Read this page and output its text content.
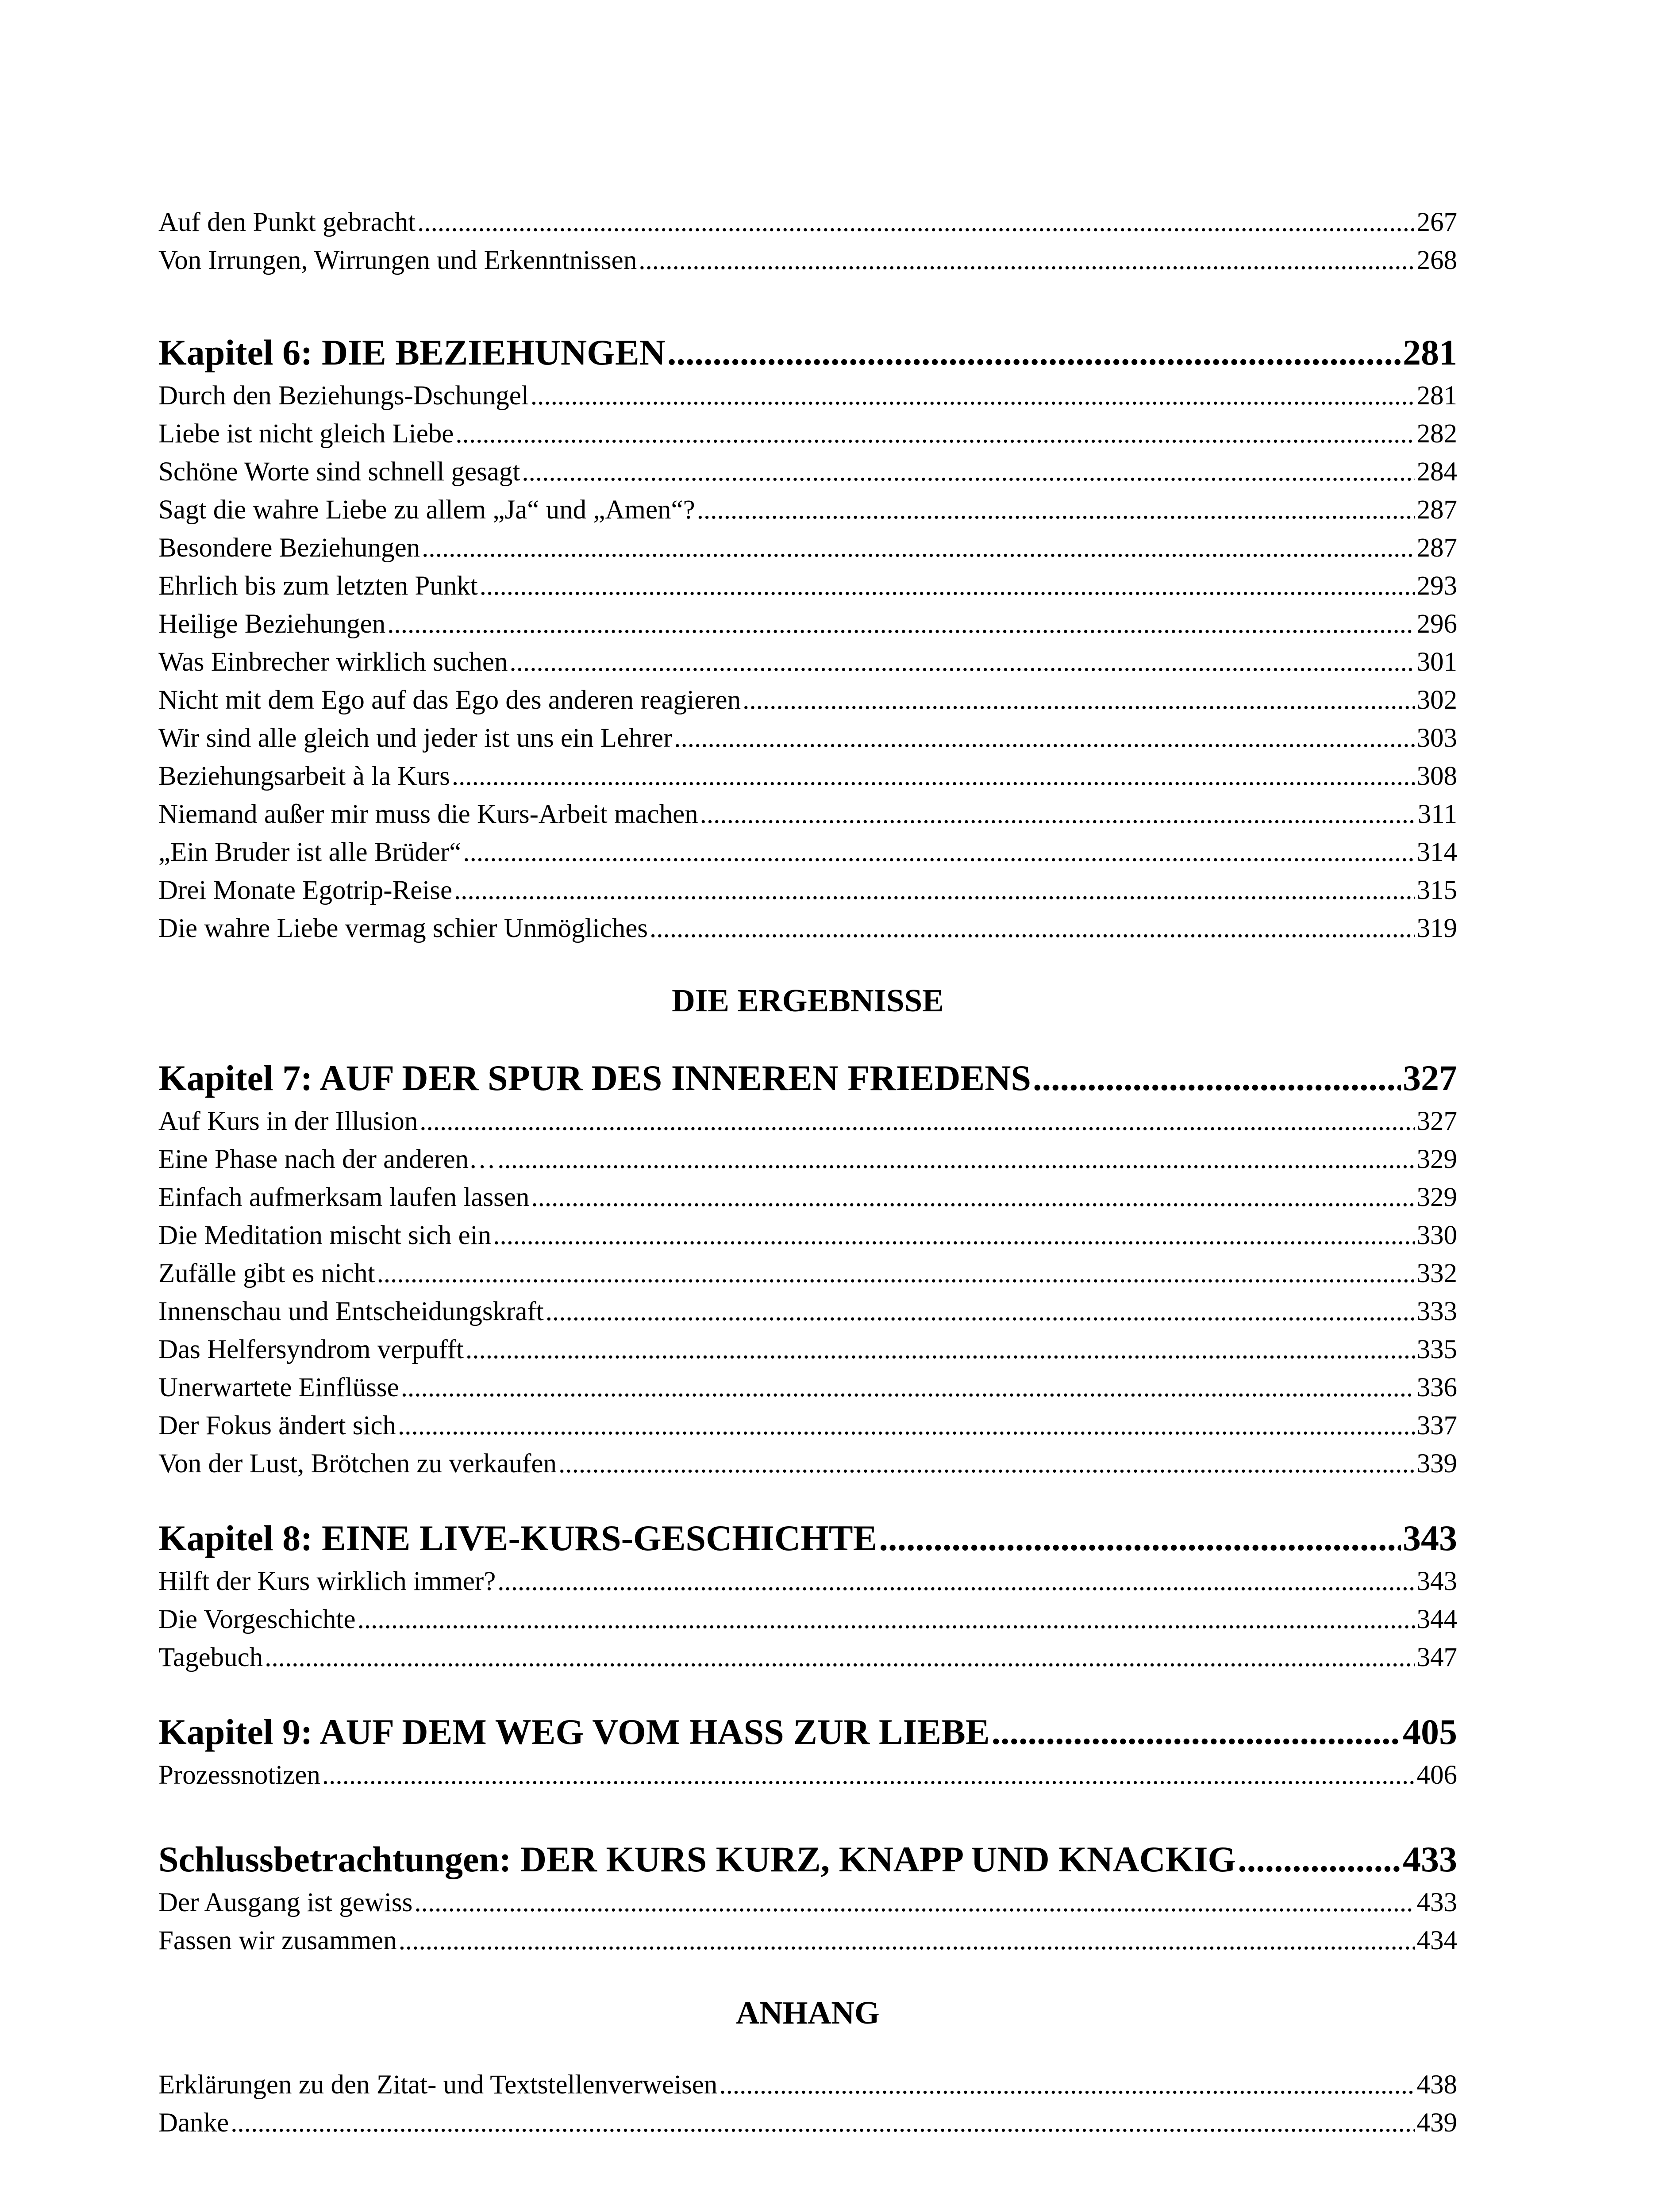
Auf den Punkt gebracht .....	267
Von Irrungen, Wirrungen und Erkenntnissen .....	268
Kapitel 6: DIE BEZIEHUNGEN .....	281
Durch den Beziehungs-Dschungel .....	281
Liebe ist nicht gleich Liebe .....	282
Schöne Worte sind schnell gesagt .....	284
Sagt die wahre Liebe zu allem „Ja“ und „Amen“? .....	287
Besondere Beziehungen .....	287
Ehrlich bis zum letzten Punkt .....	293
Heilige Beziehungen .....	296
Was Einbrecher wirklich suchen .....	301
Nicht mit dem Ego auf das Ego des anderen reagieren .....	302
Wir sind alle gleich und jeder ist uns ein Lehrer .....	303
Beziehungsarbeit à la Kurs .....	308
Niemand außer mir muss die Kurs-Arbeit machen .....	311
„Ein Bruder ist alle Brüder“ .....	314
Drei Monate Egotrip-Reise .....	315
Die wahre Liebe vermag schier Unmögliches .....	319
DIE ERGEBNISSE
Kapitel 7: AUF DER SPUR DES INNEREN FRIEDENS .....	327
Auf Kurs in der Illusion .....	327
Eine Phase nach der anderen… .....	329
Einfach aufmerksam laufen lassen .....	329
Die Meditation mischt sich ein .....	330
Zufälle gibt es nicht .....	332
Innenschau und Entscheidungskraft .....	333
Das Helfersyndrom verpufft .....	335
Unerwartete Einflüsse .....	336
Der Fokus ändert sich .....	337
Von der Lust, Brötchen zu verkaufen .....	339
Kapitel 8: EINE LIVE-KURS-GESCHICHTE .....	343
Hilft der Kurs wirklich immer? .....	343
Die Vorgeschichte .....	344
Tagebuch .....	347
Kapitel 9: AUF DEM WEG VOM HASS ZUR LIEBE .....	405
Prozessnotizen .....	406
Schlussbetrachtungen: DER KURS KURZ, KNAPP UND KNACKIG .....	433
Der Ausgang ist gewiss .....	433
Fassen wir zusammen .....	434
ANHANG
Erklärungen zu den Zitat- und Textstellenverweisen .....	438
Danke .....	439
